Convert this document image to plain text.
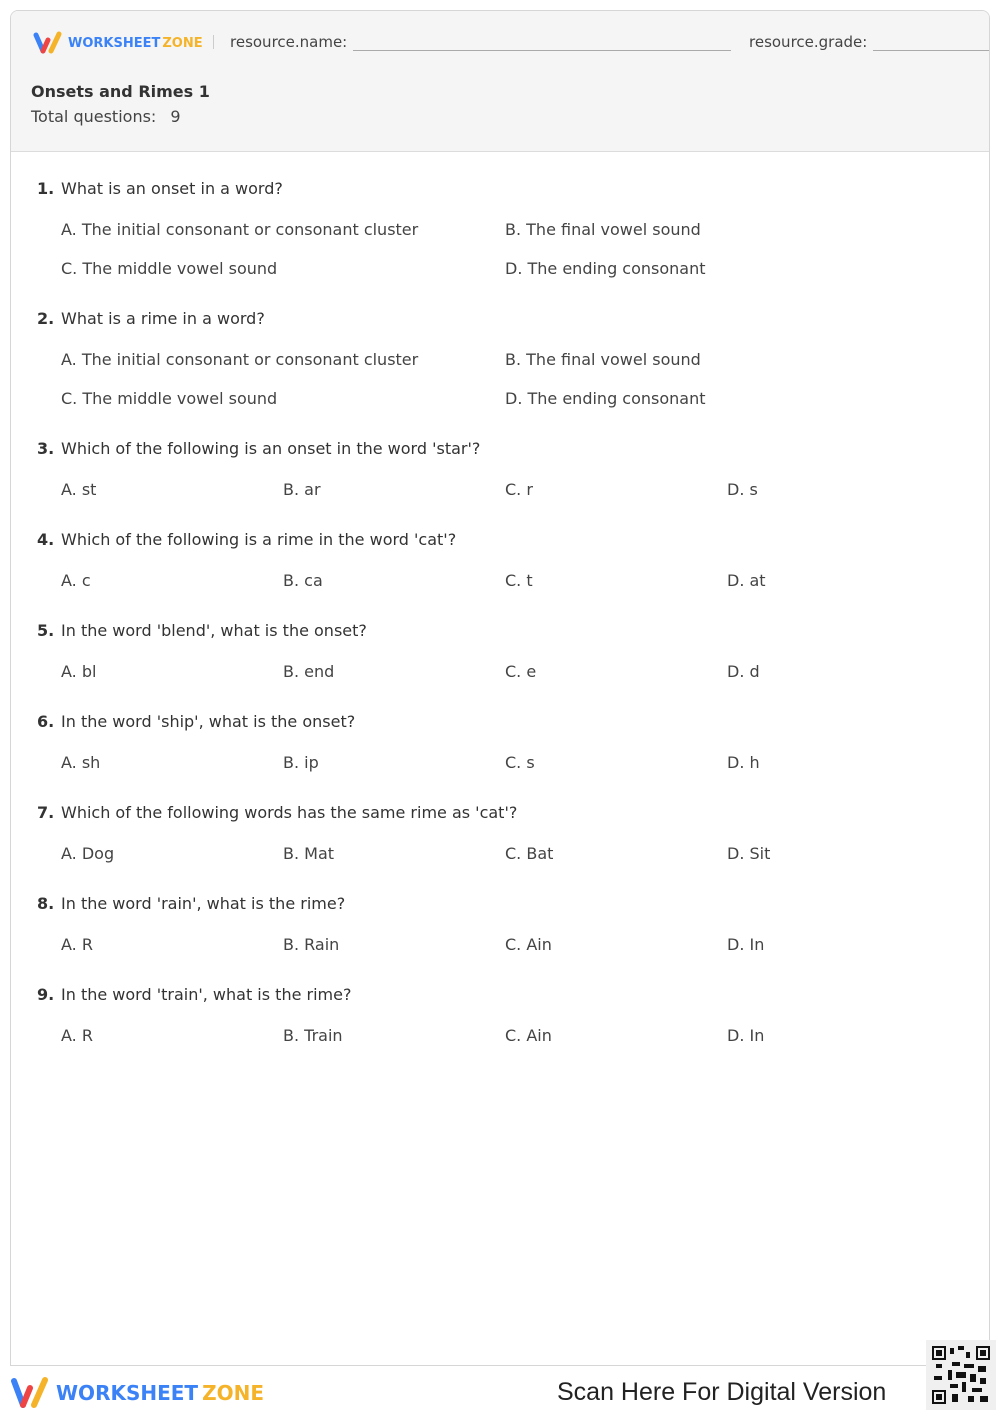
WORKSHEET ZONE resource.name:	resource.grade:
Onsets and Rimes 1
Total questions: 9
1. What is an onset in a word?
A. The initial consonant or consonant cluster	B. The final vowel sound
C. The middle vowel sound	D. The ending consonant
2. What is a rime in a word?
A. The initial consonant or consonant cluster	B. The final vowel sound
C. The middle vowel sound	D. The ending consonant
3. Which of the following is an onset in the word 'star'?
A. st	B. ar	C. r	D. s
4. Which of the following is a rime in the word 'cat'?
A. c	B. ca	C. t	D. at
5. In the word 'blend', what is the onset?
A. bl	B. end	C. e	D. d
6. In the word 'ship', what is the onset?
A. sh	B. ip	C. s	D. h
7. Which of the following words has the same rime as 'cat'?
A. Dog	B. Mat	C. Bat	D. Sit
8. In the word 'rain', what is the rime?
A. R	B. Rain	C. Ain	D. In
9. In the word 'train', what is the rime?
A. R	B. Train	C. Ain	D. In
WORKSHEET ZONE	Scan Here For Digital Version
